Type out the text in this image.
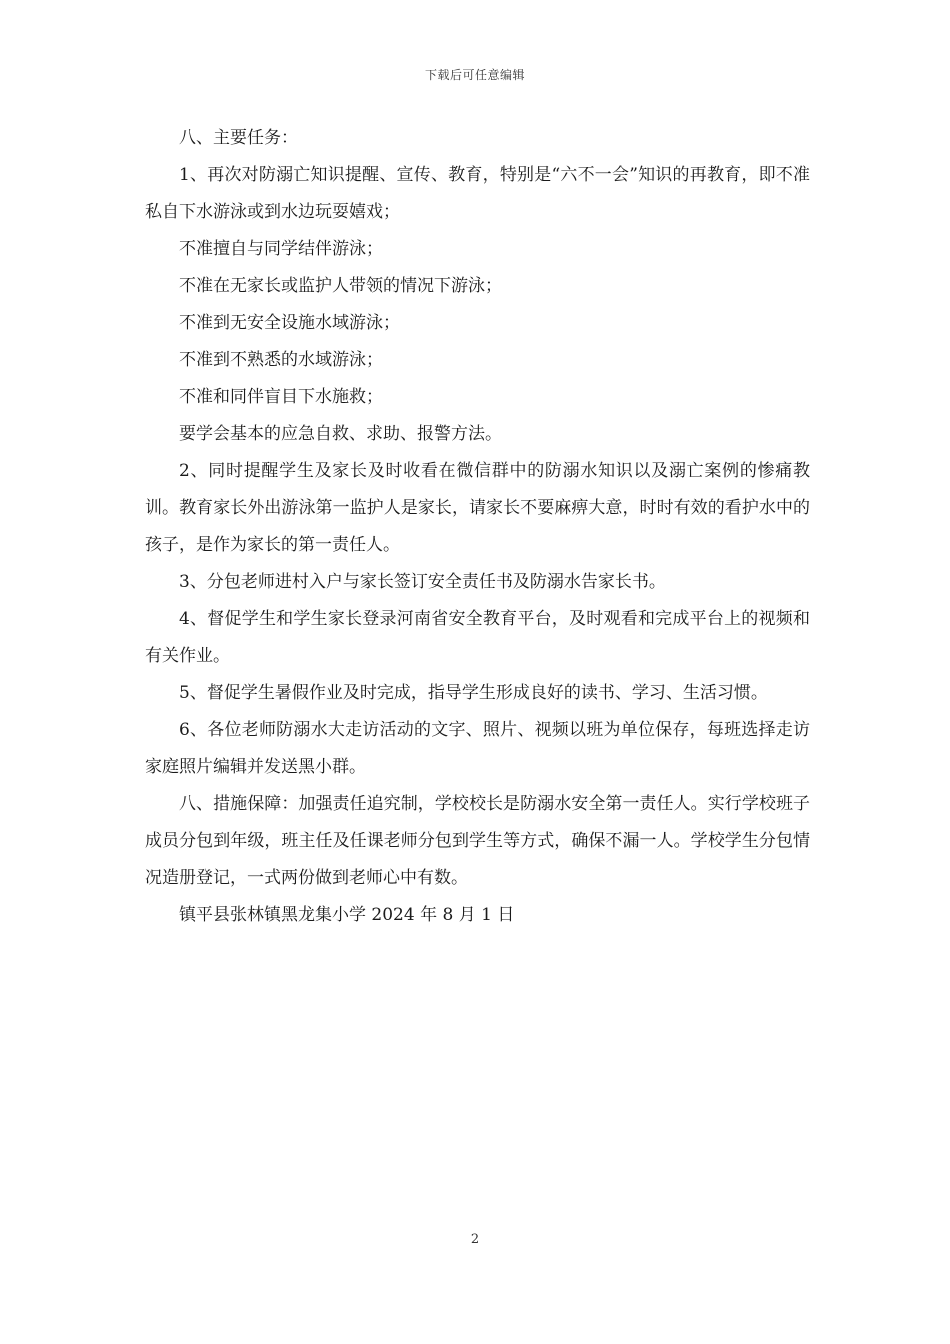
下载后可任意编辑

八、主要任务：

1、再次对防溺亡知识提醒、宣传、教育，特别是“六不一会”知识的再教育，即不准私自下水游泳或到水边玩耍嬉戏；

不准擅自与同学结伴游泳；

不准在无家长或监护人带领的情况下游泳；

不准到无安全设施水域游泳；

不准到不熟悉的水域游泳；

不准和同伴盲目下水施救；

要学会基本的应急自救、求助、报警方法。

2、同时提醒学生及家长及时收看在微信群中的防溺水知识以及溺亡案例的惨痛教训。教育家长外出游泳第一监护人是家长，请家长不要麻痹大意，时时有效的看护水中的孩子，是作为家长的第一责任人。

3、分包老师进村入户与家长签订安全责任书及防溺水告家长书。

4、督促学生和学生家长登录河南省安全教育平台，及时观看和完成平台上的视频和有关作业。

5、督促学生暑假作业及时完成，指导学生形成良好的读书、学习、生活习惯。

6、各位老师防溺水大走访活动的文字、照片、视频以班为单位保存，每班选择走访家庭照片编辑并发送黑小群。

八、措施保障：加强责任追究制，学校校长是防溺水安全第一责任人。实行学校班子成员分包到年级，班主任及任课老师分包到学生等方式，确保不漏一人。学校学生分包情况造册登记，一式两份做到老师心中有数。

镇平县张林镇黑龙集小学 2024 年 8 月 1 日

2
